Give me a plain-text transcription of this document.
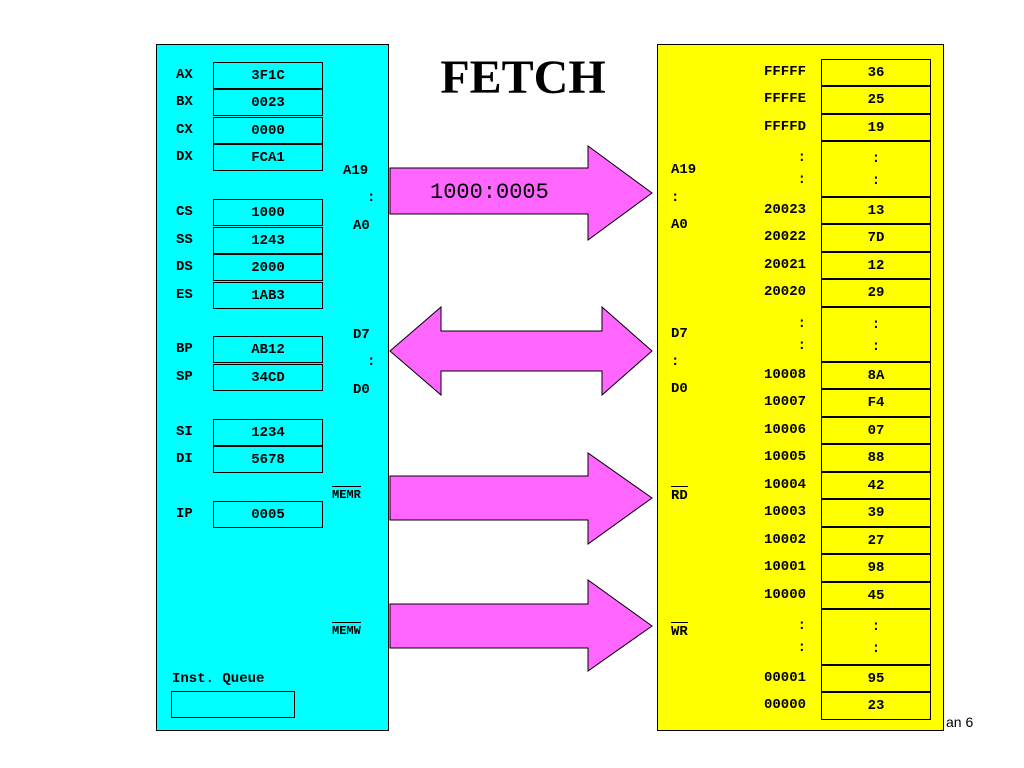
FETCH
AX	3F1C
BX	0023
CX	0000
DX	FCA1
CS	1000
SS	1243
DS	2000
ES	1AB3
BP	AB12
SP	34CD
SI	1234
DI	5678
IP	0005
Inst. Queue
A19
:
A0
D7
:
D0
MEMR
MEMW
FFFFF	36
FFFFE	25
FFFFD	19
:
:
:
:
20023	13
20022	7D
20021	12
20020	29
:
:
:
:
10008	8A
10007	F4
10006	07
10005	88
10004	42
10003	39
10002	27
10001	98
10000	45
:
:
:
:
00001	95
00000	23
A19
:
A0
D7
:
D0
RD
WR
1000:0005
an 6
